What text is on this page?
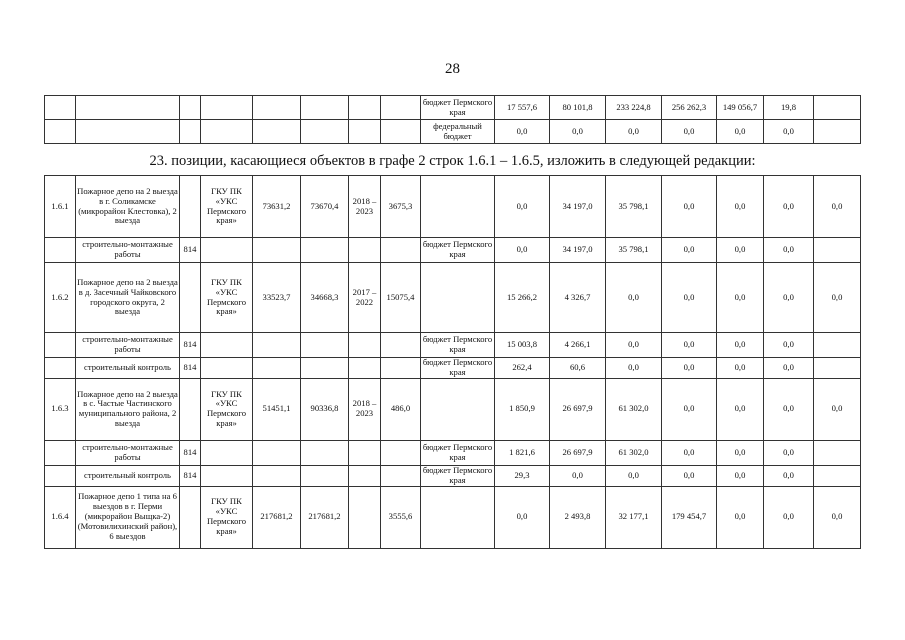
28
								бюджет Пермского края	17 557,6	80 101,8	233 224,8	256 262,3	149 056,7	19,8	
								федеральный бюджет	0,0	0,0	0,0	0,0	0,0	0,0	
23. позиции, касающиеся объектов в графе 2 строк 1.6.1 – 1.6.5, изложить в следующей редакции:
1.6.1	Пожарное депо на 2 выезда в г. Соликамске (микрорайон Клестовка), 2 выезда		ГКУ ПК «УКС Пермского края»	73631,2	73670,4	2018 – 2023	3675,3		0,0	34 197,0	35 798,1	0,0	0,0	0,0	0,0
	строительно-монтажные работы	814						бюджет Пермского края	0,0	34 197,0	35 798,1	0,0	0,0	0,0	
1.6.2	Пожарное депо на 2 выезда в д. Засечный Чайковского городского округа, 2 выезда		ГКУ ПК «УКС Пермского края»	33523,7	34668,3	2017 – 2022	15075,4		15 266,2	4 326,7	0,0	0,0	0,0	0,0	0,0
	строительно-монтажные работы	814						бюджет Пермского края	15 003,8	4 266,1	0,0	0,0	0,0	0,0	
	строительный контроль	814						бюджет Пермского края	262,4	60,6	0,0	0,0	0,0	0,0	
1.6.3	Пожарное депо на 2 выезда в с. Частые Частинского муниципального района, 2 выезда		ГКУ ПК «УКС Пермского края»	51451,1	90336,8	2018 – 2023	486,0		1 850,9	26 697,9	61 302,0	0,0	0,0	0,0	0,0
	строительно-монтажные работы	814						бюджет Пермского края	1 821,6	26 697,9	61 302,0	0,0	0,0	0,0	
	строительный контроль	814						бюджет Пермского края	29,3	0,0	0,0	0,0	0,0	0,0	
1.6.4	Пожарное депо 1 типа на 6 выездов в г. Перми (микрорайон Выщка-2) (Мотовилихинский район), 6 выездов		ГКУ ПК «УКС Пермского края»	217681,2	217681,2		3555,6		0,0	2 493,8	32 177,1	179 454,7	0,0	0,0	0,0
